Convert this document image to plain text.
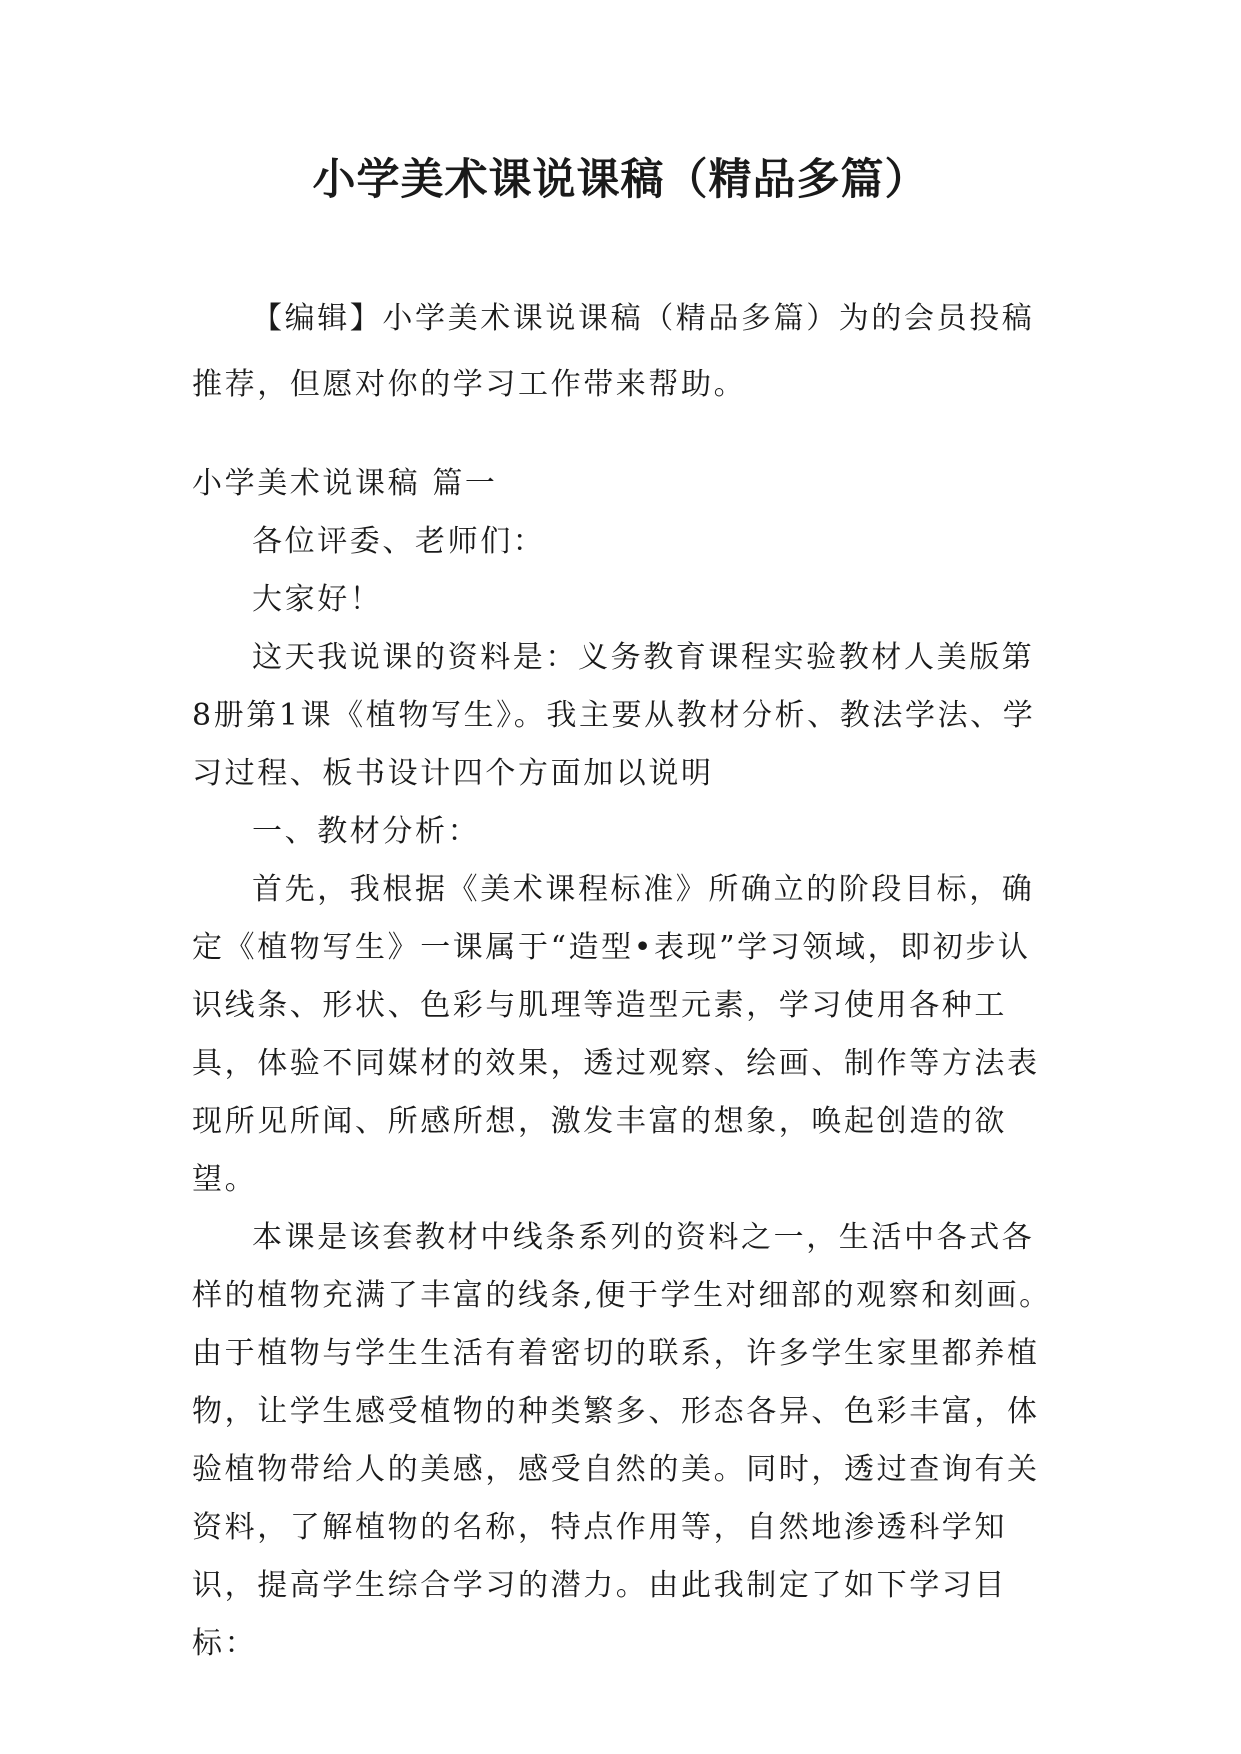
小学美术课说课稿（精品多篇）

【编辑】小学美术课说课稿（精品多篇）为的会员投稿推荐，但愿对你的学习工作带来帮助。

小学美术说课稿 篇一

各位评委、老师们：

大家好！

这天我说课的资料是：义务教育课程实验教材人美版第8册第1课《植物写生》。我主要从教材分析、教法学法、学习过程、板书设计四个方面加以说明

一、教材分析：

首先，我根据《美术课程标准》所确立的阶段目标，确定《植物写生》一课属于“造型•表现”学习领域，即初步认识线条、形状、色彩与肌理等造型元素，学习使用各种工具，体验不同媒材的效果，透过观察、绘画、制作等方法表现所见所闻、所感所想，激发丰富的想象，唤起创造的欲望。

本课是该套教材中线条系列的资料之一，生活中各式各样的植物充满了丰富的线条,便于学生对细部的观察和刻画。由于植物与学生生活有着密切的联系，许多学生家里都养植物，让学生感受植物的种类繁多、形态各异、色彩丰富，体验植物带给人的美感，感受自然的美。同时，透过查询有关资料，了解植物的名称，特点作用等，自然地渗透科学知识，提高学生综合学习的潜力。由此我制定了如下学习目标：
